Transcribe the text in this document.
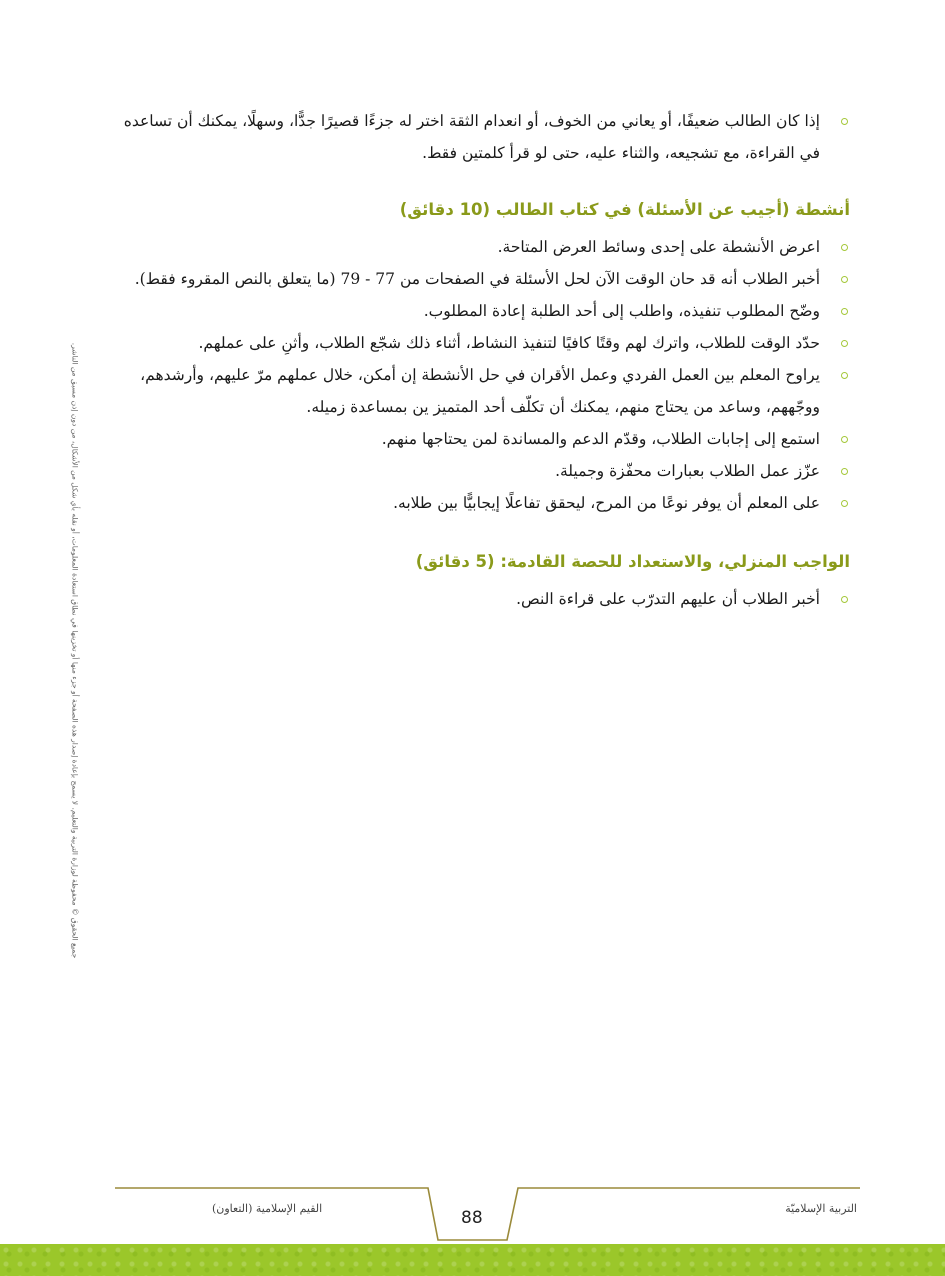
إذا كان الطالب ضعيفًا، أو يعاني من الخوف، أو انعدام الثقة اختر له جزءًا قصيرًا جدًّا، وسهلًا، يمكنك أن تساعده في القراءة، مع تشجيعه، والثناء عليه، حتى لو قرأ كلمتين فقط.
أنشطة (أجيب عن الأسئلة) في كتاب الطالب (10 دقائق)
اعرض الأنشطة على إحدى وسائط العرض المتاحة.
أخبر الطلاب أنه قد حان الوقت الآن لحل الأسئلة في الصفحات من 77 - 79 (ما يتعلق بالنص المقروء فقط).
وضّح المطلوب تنفيذه، واطلب إلى أحد الطلبة إعادة المطلوب.
حدّد الوقت للطلاب، واترك لهم وقتًا كافيًا لتنفيذ النشاط، أثناء ذلك شجّع الطلاب، وأثنِ على عملهم.
يراوح المعلم بين العمل الفردي وعمل الأقران في حل الأنشطة إن أمكن، خلال عملهم مرّ عليهم، وأرشدهم، ووجّههم، وساعد من يحتاج منهم، يمكنك أن تكلّف أحد المتميز ين بمساعدة زميله.
استمع إلى إجابات الطلاب، وقدّم الدعم والمساندة لمن يحتاجها منهم.
عزّز عمل الطلاب بعبارات محفّزة وجميلة.
على المعلم أن يوفر نوعًا من المرح، ليحقق تفاعلًا إيجابيًّا بين طلابه.
الواجب المنزلي، والاستعداد للحصة القادمة: (5 دقائق)
أخبر الطلاب أن عليهم التدرّب على قراءة النص.
جميع الحقوق © محفوظة لوزارة التربية والتعليم. لا يسمح بإعادة إصدار هذه الصفحة أو جزء منها أو تخزينها في نطاق استعادة المعلومات، أو نقله بأي شكل من الأشكال، من دون إذن مسبق من الناشر.
القيم الإسلامية (التعاون)	88	التربية الإسلاميّة
